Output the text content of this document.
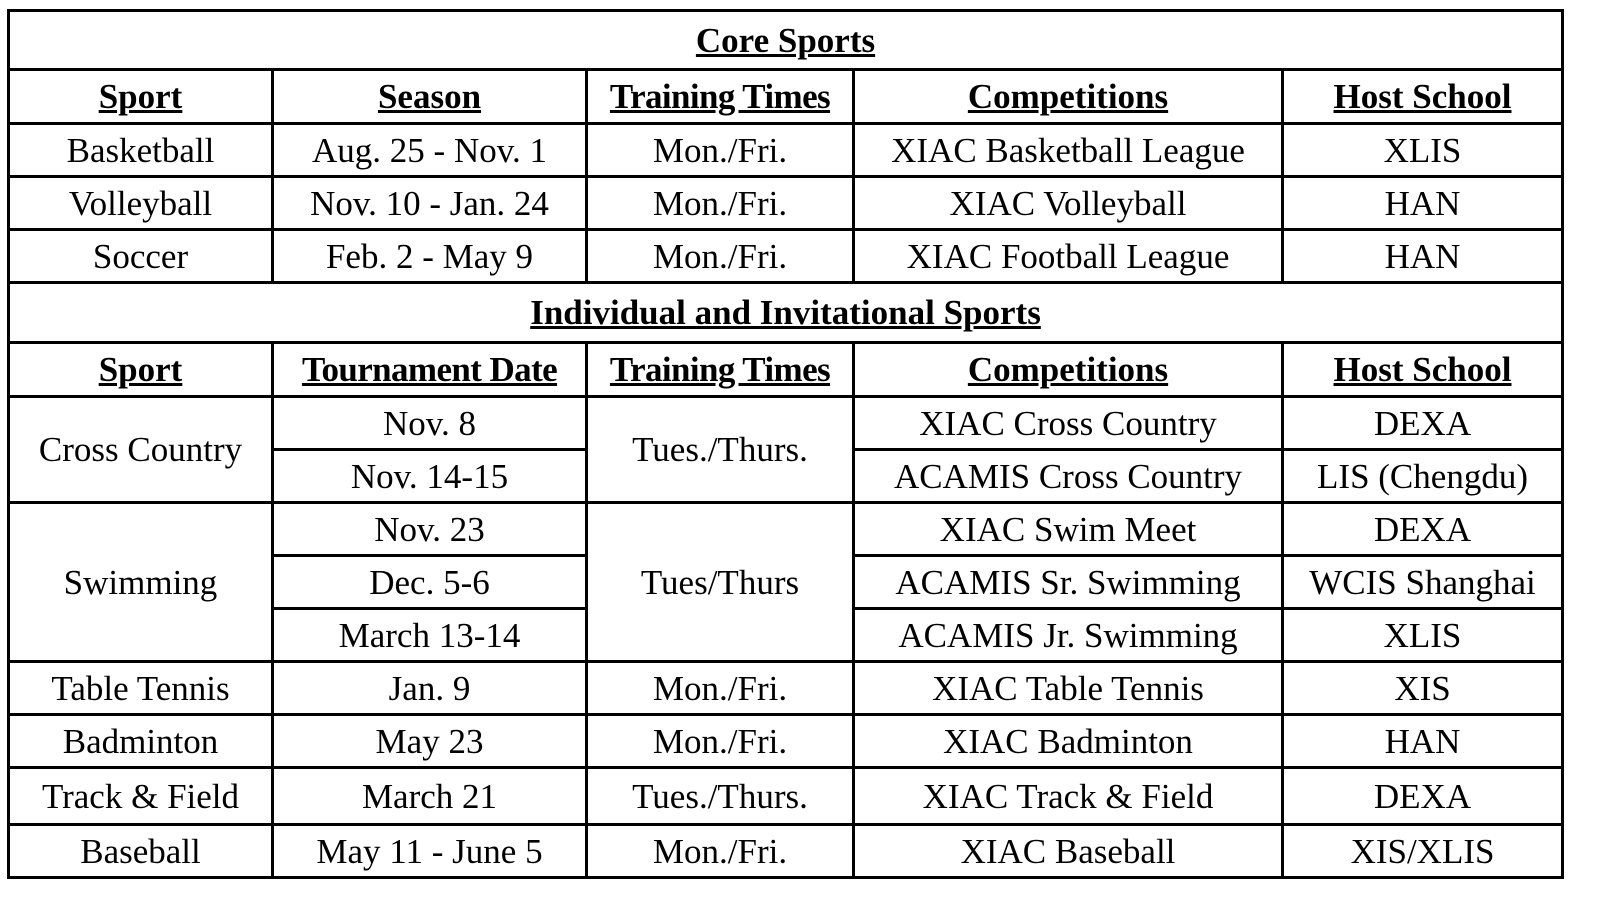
Core Sports				
Sport	Season	Training Times	Competitions	Host School
Basketball	Aug. 25 - Nov. 1	Mon./Fri.	XIAC Basketball League	XLIS
Volleyball	Nov. 10 - Jan. 24	Mon./Fri.	XIAC Volleyball	HAN
Soccer	Feb. 2 - May 9	Mon./Fri.	XIAC Football League	HAN
Individual and Invitational Sports				
Sport	Tournament Date	Training Times	Competitions	Host School
Cross Country	Nov. 8	Tues./Thurs.	XIAC Cross Country	DEXA
	Nov. 14-15		ACAMIS Cross Country	LIS (Chengdu)
Swimming	Nov. 23	Tues/Thurs	XIAC Swim Meet	DEXA
	Dec. 5-6		ACAMIS Sr. Swimming	WCIS Shanghai
	March 13-14		ACAMIS Jr. Swimming	XLIS
Table Tennis	Jan. 9	Mon./Fri.	XIAC Table Tennis	XIS
Badminton	May 23	Mon./Fri.	XIAC Badminton	HAN
Track & Field	March 21	Tues./Thurs.	XIAC Track & Field	DEXA
Baseball	May 11 - June 5	Mon./Fri.	XIAC Baseball	XIS/XLIS
